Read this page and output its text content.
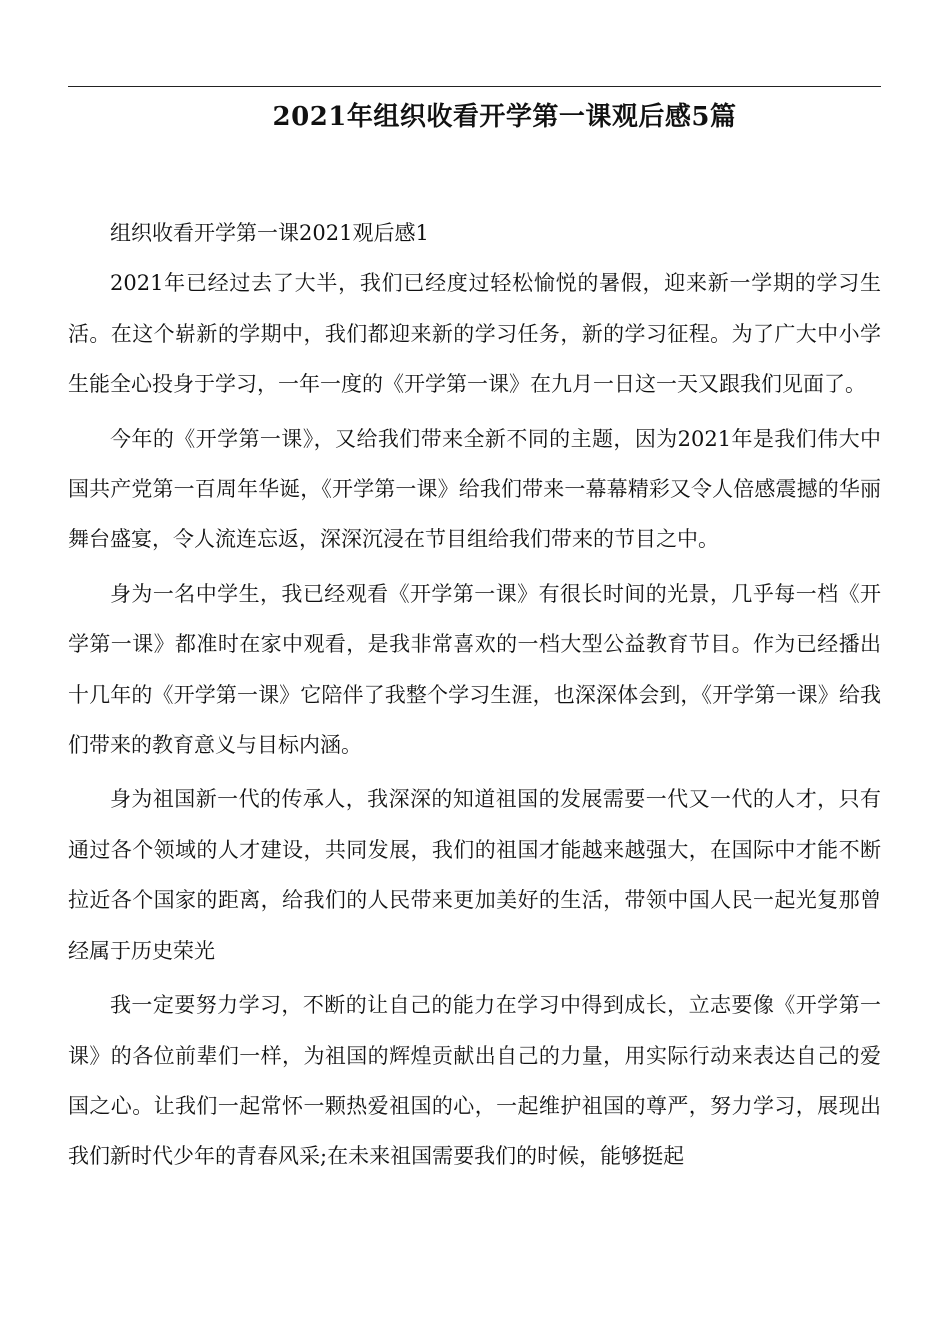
2021年组织收看开学第一课观后感5篇

组织收看开学第一课2021观后感1

2021年已经过去了大半，我们已经度过轻松愉悦的暑假，迎来新一学期的学习生活。在这个崭新的学期中，我们都迎来新的学习任务，新的学习征程。为了广大中小学生能全心投身于学习，一年一度的《开学第一课》在九月一日这一天又跟我们见面了。

今年的《开学第一课》，又给我们带来全新不同的主题，因为2021年是我们伟大中国共产党第一百周年华诞，《开学第一课》给我们带来一幕幕精彩又令人倍感震撼的华丽舞台盛宴，令人流连忘返，深深沉浸在节目组给我们带来的节目之中。

身为一名中学生，我已经观看《开学第一课》有很长时间的光景，几乎每一档《开学第一课》都准时在家中观看，是我非常喜欢的一档大型公益教育节目。作为已经播出十几年的《开学第一课》它陪伴了我整个学习生涯，也深深体会到，《开学第一课》给我们带来的教育意义与目标内涵。

身为祖国新一代的传承人，我深深的知道祖国的发展需要一代又一代的人才，只有通过各个领域的人才建设，共同发展，我们的祖国才能越来越强大，在国际中才能不断拉近各个国家的距离，给我们的人民带来更加美好的生活，带领中国人民一起光复那曾经属于历史荣光

我一定要努力学习，不断的让自己的能力在学习中得到成长，立志要像《开学第一课》的各位前辈们一样，为祖国的辉煌贡献出自己的力量，用实际行动来表达自己的爱国之心。让我们一起常怀一颗热爱祖国的心，一起维护祖国的尊严，努力学习，展现出我们新时代少年的青春风采;在未来祖国需要我们的时候，能够挺起
